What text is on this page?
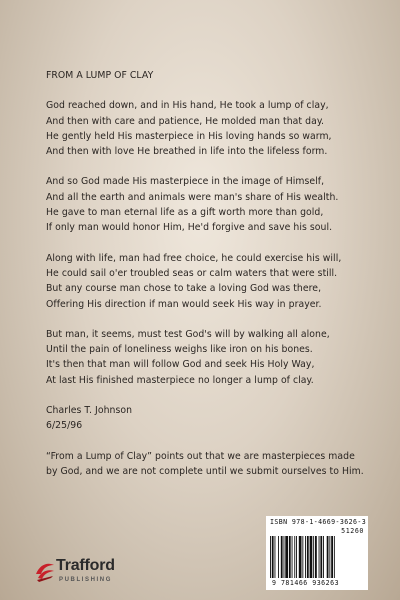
FROM A LUMP OF CLAY
God reached down, and in His hand, He took a lump of clay,
And then with care and patience, He molded man that day.
He gently held His masterpiece in His loving hands so warm,
And then with love He breathed in life into the lifeless form.
And so God made His masterpiece in the image of Himself,
And all the earth and animals were man's share of His wealth.
He gave to man eternal life as a gift worth more than gold,
If only man would honor Him, He'd forgive and save his soul.
Along with life, man had free choice, he could exercise his will,
He could sail o'er troubled seas or calm waters that were still.
But any course man chose to take a loving God was there,
Offering His direction if man would seek His way in prayer.
But man, it seems, must test God's will by walking all alone,
Until the pain of loneliness weighs like iron on his bones.
It's then that man will follow God and seek His Holy Way,
At last His finished masterpiece no longer a lump of clay.
Charles T. Johnson
6/25/96
“From a Lump of Clay” points out that we are masterpieces made
by God, and we are not complete until we submit ourselves to Him.
ISBN 978-1-4669-3626-3
51260
9 781466 936263
Trafford
PUBLISHING
